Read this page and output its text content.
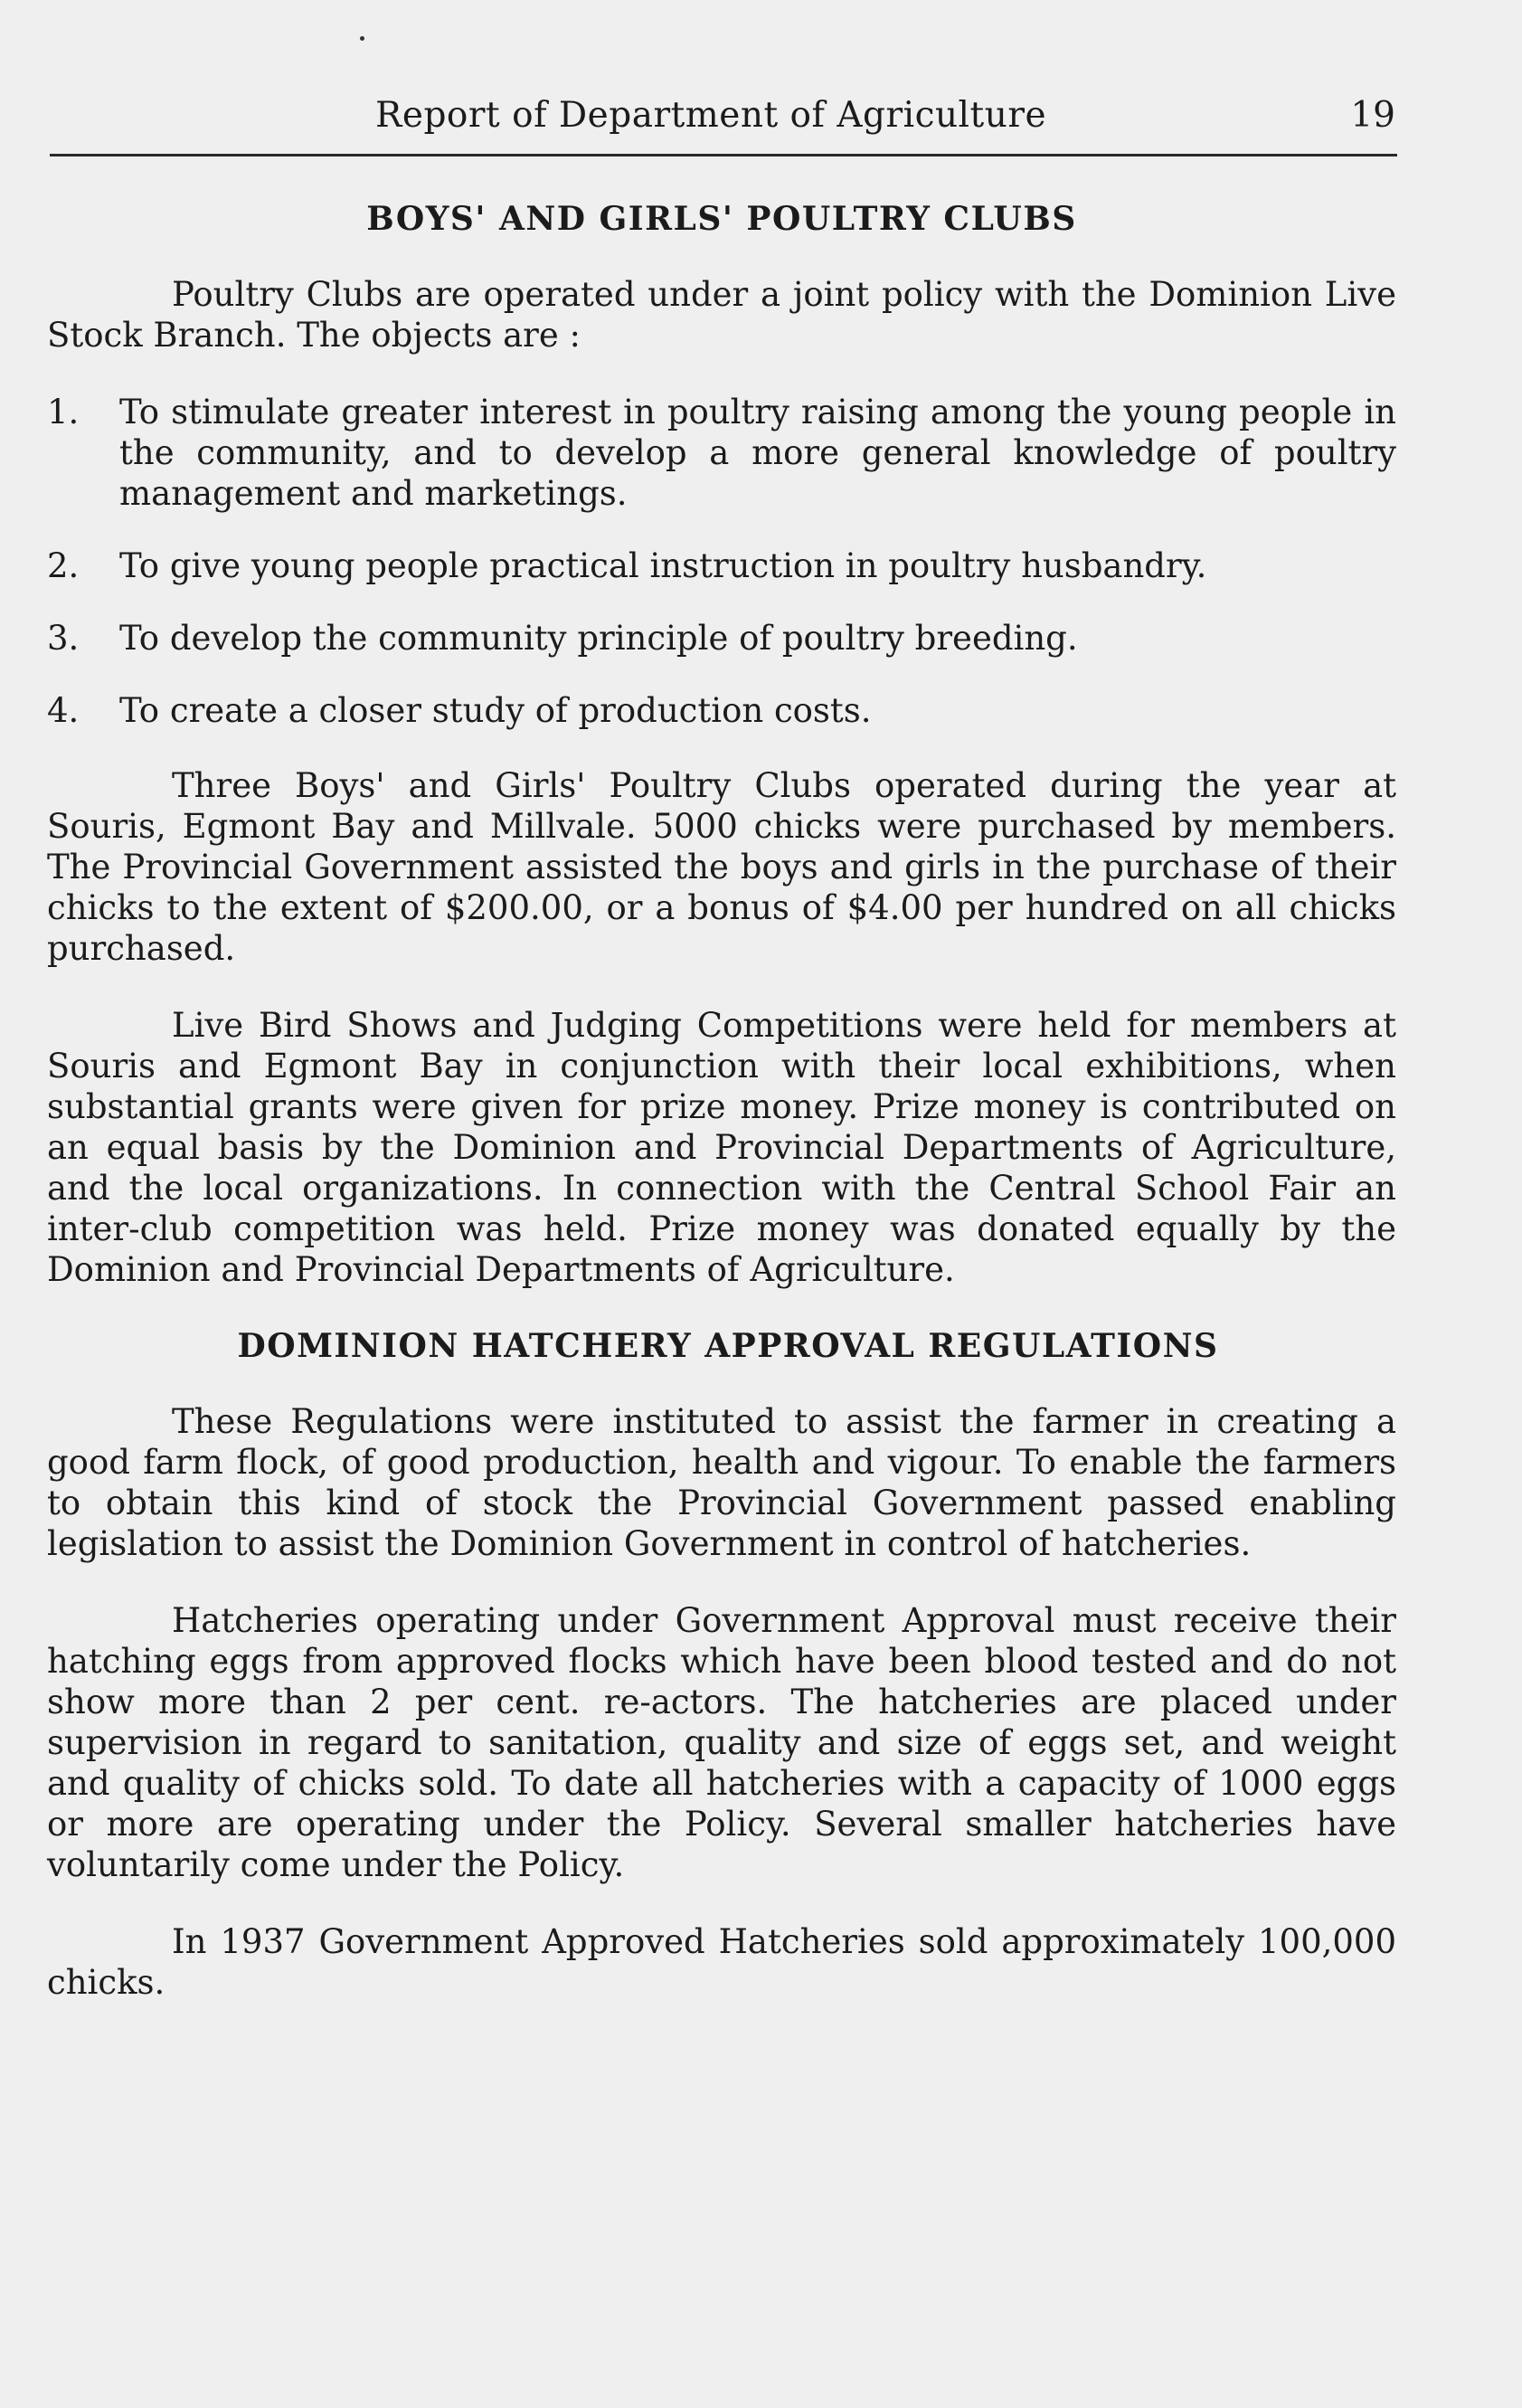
Report of Department of Agriculture	19
BOYS' AND GIRLS' POULTRY CLUBS

Poultry Clubs are operated under a joint policy with the Dominion Live Stock Branch. The objects are :

1. To stimulate greater interest in poultry raising among the young people in the community, and to develop a more general knowledge of poultry management and marketings.
2. To give young people practical instruction in poultry husbandry.
3. To develop the community principle of poultry breeding.
4. To create a closer study of production costs.

Three Boys' and Girls' Poultry Clubs operated during the year at Souris, Egmont Bay and Millvale. 5000 chicks were purchased by members. The Provincial Government assisted the boys and girls in the purchase of their chicks to the extent of $200.00, or a bonus of $4.00 per hundred on all chicks purchased.

Live Bird Shows and Judging Competitions were held for members at Souris and Egmont Bay in conjunction with their local exhibitions, when substantial grants were given for prize money. Prize money is contributed on an equal basis by the Dominion and Provincial Departments of Agriculture, and the local organizations. In connection with the Central School Fair an inter-club competition was held. Prize money was donated equally by the Dominion and Provincial Departments of Agriculture.

DOMINION HATCHERY APPROVAL REGULATIONS

These Regulations were instituted to assist the farmer in creating a good farm flock, of good production, health and vigour. To enable the farmers to obtain this kind of stock the Provincial Government passed enabling legislation to assist the Dominion Government in control of hatcheries.

Hatcheries operating under Government Approval must receive their hatching eggs from approved flocks which have been blood tested and do not show more than 2 per cent. re-actors. The hatcheries are placed under supervision in regard to sanitation, quality and size of eggs set, and weight and quality of chicks sold. To date all hatcheries with a capacity of 1000 eggs or more are operating under the Policy. Several smaller hatcheries have voluntarily come under the Policy.

In 1937 Government Approved Hatcheries sold approximately 100,000 chicks.
